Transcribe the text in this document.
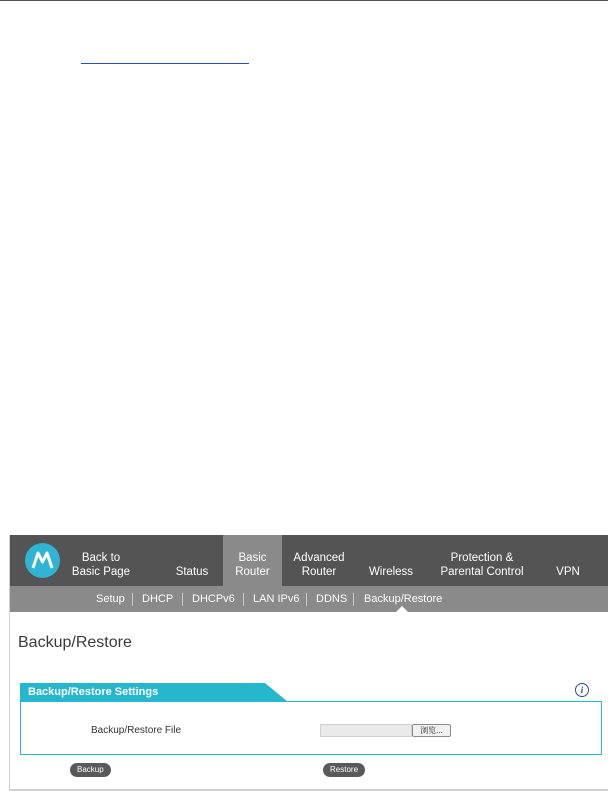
Back to
Basic Page	Status
Basic
Router
Advanced
Router	Wireless
Protection &
Parental Control	VPN
Setup DHCP DHCPv6 LAN IPv6 DDNS Backup/Restore
Backup/Restore
Backup/Restore Settings	i
Backup/Restore File	浏览...
Backup	Restore
